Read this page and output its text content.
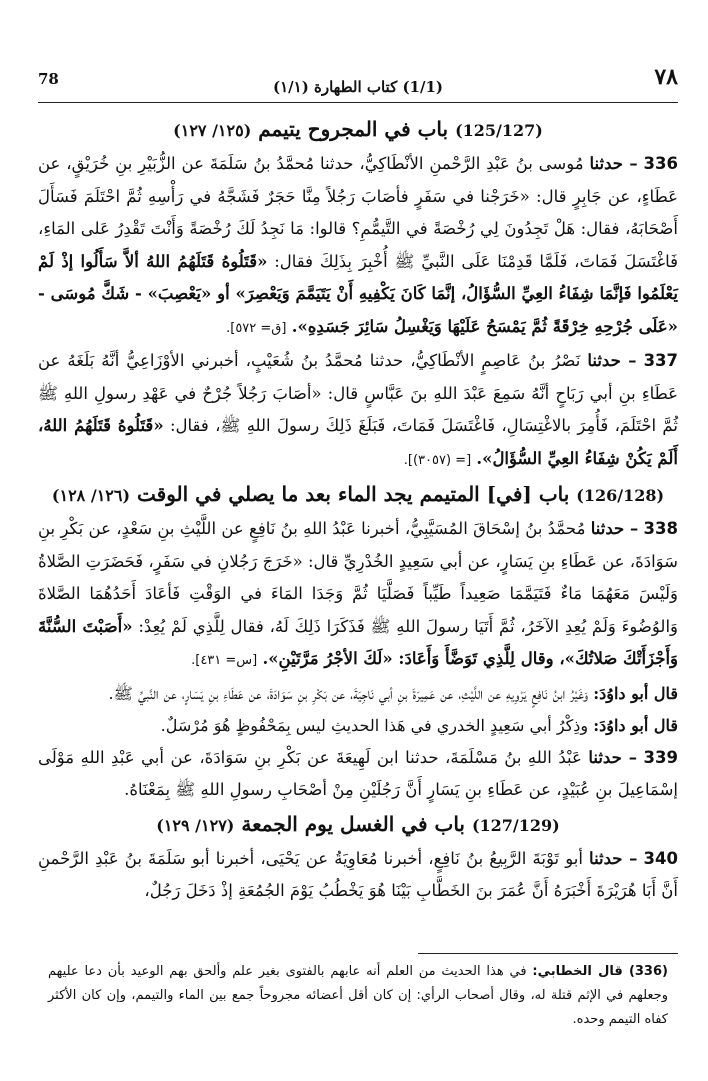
٧٨
(1/1) كتاب الطهارة (١/١)
78
(125/127) باب في المجروح يتيمم (١٢٥/ ١٢٧)

336 – حدثنا مُوسى بنُ عَبْدِ الرَّحْمنِ الأنْطَاكِيُّ، حدثنا مُحمَّدُ بنُ سَلَمَةَ عن الزُّبَيْرِ بنِ خُرَيْقٍ، عن عَطَاءٍ، عن جَابِرٍ قال: «خَرَجْنا في سَفَرٍ فأصَابَ رَجُلاً مِنَّا حَجَرٌ فَشَجَّهُ في رَأْسِهِ ثُمَّ احْتَلَمَ فَسَأَلَ أَصْحَابَهُ، فقال: هَلْ تَجِدُونَ لِي رُخْصَةً في التَّيمُّمِ؟ قالوا: مَا نَجِدُ لَكَ رُخْصَةً وَأَنْتَ تَقْدِرُ عَلى المَاءِ، فَاغْتَسَلَ فَمَاتَ، فَلَمَّا قَدِمْنَا عَلَى النَّبيِّ ﷺ أُخْبِرَ بِذَلِكَ فقال: «قَتَلُوهُ قَتَلَهُمُ اللهُ ألاَّ سَأَلُوا إذْ لَمْ يَعْلَمُوا فَإنَّمَا شِفَاءُ العِيِّ السُّؤَالُ، إنَّمَا كَانَ يَكْفِيهِ أَنْ يَتَيَمَّمَ وَيَعْصِرَ» أو «يَعْصِبَ» - شَكَّ مُوسَى - «عَلَى جُرْحِهِ خِرْقَةً ثُمَّ يَمْسَحُ عَلَيْهَا وَيَغْسِلُ سَائِرَ جَسَدِهِ». [ق= ٥٧٢].

337 – حدثنا نَصْرُ بنُ عَاصِمٍ الأنْطَاكِيُّ، حدثنا مُحمَّدُ بنُ شُعَيْبٍ، أخبرني الأوْزَاعِيُّ أنَّهُ بَلَغَهُ عن عَطَاءِ بنِ أبي رَبَاحٍ أنَّهُ سَمِعَ عَبْدَ اللهِ بنَ عَبَّاسٍ قال: «أصَابَ رَجُلاً جُرْحٌ في عَهْدِ رسولِ اللهِ ﷺ ثُمَّ احْتَلَمَ، فَأُمِرَ بالاغْتِسَالِ، فَاغْتَسَلَ فَمَاتَ، فَبَلَغَ ذَلِكَ رسولَ اللهِ ﷺ، فقال: «قَتَلُوهُ قَتَلَهُمُ اللهُ، أَلَمْ يَكُنْ شِفَاءُ العِيِّ السُّؤَالُ». [= (٣٠٥٧)].

(126/128) باب [في] المتيمم يجد الماء بعد ما يصلي في الوقت (١٢٦/ ١٢٨)

338 – حدثنا مُحمَّدُ بنُ إسْحَاقَ المُسَيَّبِيُّ، أخبرنا عَبْدُ اللهِ بنُ نَافِعٍ عن اللَّيْثِ بنِ سَعْدٍ، عن بَكْرِ بنِ سَوَادَةَ، عن عَطَاءِ بنِ يَسَارٍ، عن أبي سَعِيدٍ الخُدْرِيِّ قال: «خَرَجَ رَجُلانِ في سَفَرٍ، فَحَضَرَتِ الصَّلاةُ وَلَيْسَ مَعَهُمَا مَاءٌ فَتَيَمَّمَا صَعِيداً طَيِّباً فَصَلَّيَا ثُمَّ وَجَدَا المَاءَ في الوَقْتِ فَأعَادَ أَحَدُهُمَا الصَّلاةَ وَالوُضُوءَ وَلَمْ يُعِدِ الآخَرُ، ثُمَّ أَتَيَا رسولَ اللهِ ﷺ فَذَكَرَا ذَلِكَ لَهُ، فقال لِلَّذِي لَمْ يُعِدْ: «أَصَبْتَ السُّنَّةَ وَأَجْزَأَتْكَ صَلاتُكَ»، وقال لِلَّذِي تَوَضَّأَ وَأَعَادَ: «لَكَ الأجْرُ مَرَّتَيْنِ». [س= ٤٣١].

قال أبو داوُدَ: وَغَيْرُ ابنُ نَافِعٍ يَرْوِيهِ عن اللَّيْثِ، عن عَمِيرَةَ بنِ أبي نَاجِيَةَ، عن بَكْرِ بنِ سَوَادَةَ، عن عَطَاءِ بنِ يَسَارٍ، عن النَّبيِّ ﷺ.

قال أبو داوُدَ: وذِكْرُ أبي سَعِيدٍ الخدري في هَذا الحديثِ ليس بِمَحْفُوظٍ هُوَ مُرْسَلٌ.

339 – حدثنا عَبْدُ اللهِ بنُ مَسْلَمَةَ، حدثنا ابن لَهِيعَةَ عن بَكْرِ بنِ سَوَادَةَ، عن أبي عَبْدِ اللهِ مَوْلَى إسْمَاعِيلَ بنِ عُبَيْدٍ، عن عَطَاءِ بنِ يَسَارٍ أَنَّ رَجُلَيْنِ مِنْ أصْحَابِ رسولِ اللهِ ﷺ بِمَعْنَاهُ.

(127/129) باب في الغسل يوم الجمعة (١٢٧/ ١٢٩)

340 – حدثنا أبو تَوْبَةَ الرَّبِيعُ بنُ نَافِعٍ، أخبرنا مُعَاوِيَةُ عن يَحْيَى، أخبرنا أبو سَلَمَةَ بنُ عَبْدِ الرَّحْمنِ أَنَّ أَبَا هُرَيْرَةَ أَخْبَرَهُ أَنَّ عُمَرَ بنَ الخَطَّابِ بَيْنَا هُوَ يَخْطُبُ يَوْمَ الجُمُعَةِ إذْ دَخَلَ رَجُلٌ،

(336) قال الخطابي: في هذا الحديث من العلم أنه عابهم بالفتوى بغير علم وألحق بهم الوعيد بأن دعا عليهم وجعلهم في الإثم قتلة له، وقال أصحاب الرأي: إن كان أقل أعضائه مجروحاً جمع بين الماء والتيمم، وإن كان الأكثر كفاه التيمم وحده.
